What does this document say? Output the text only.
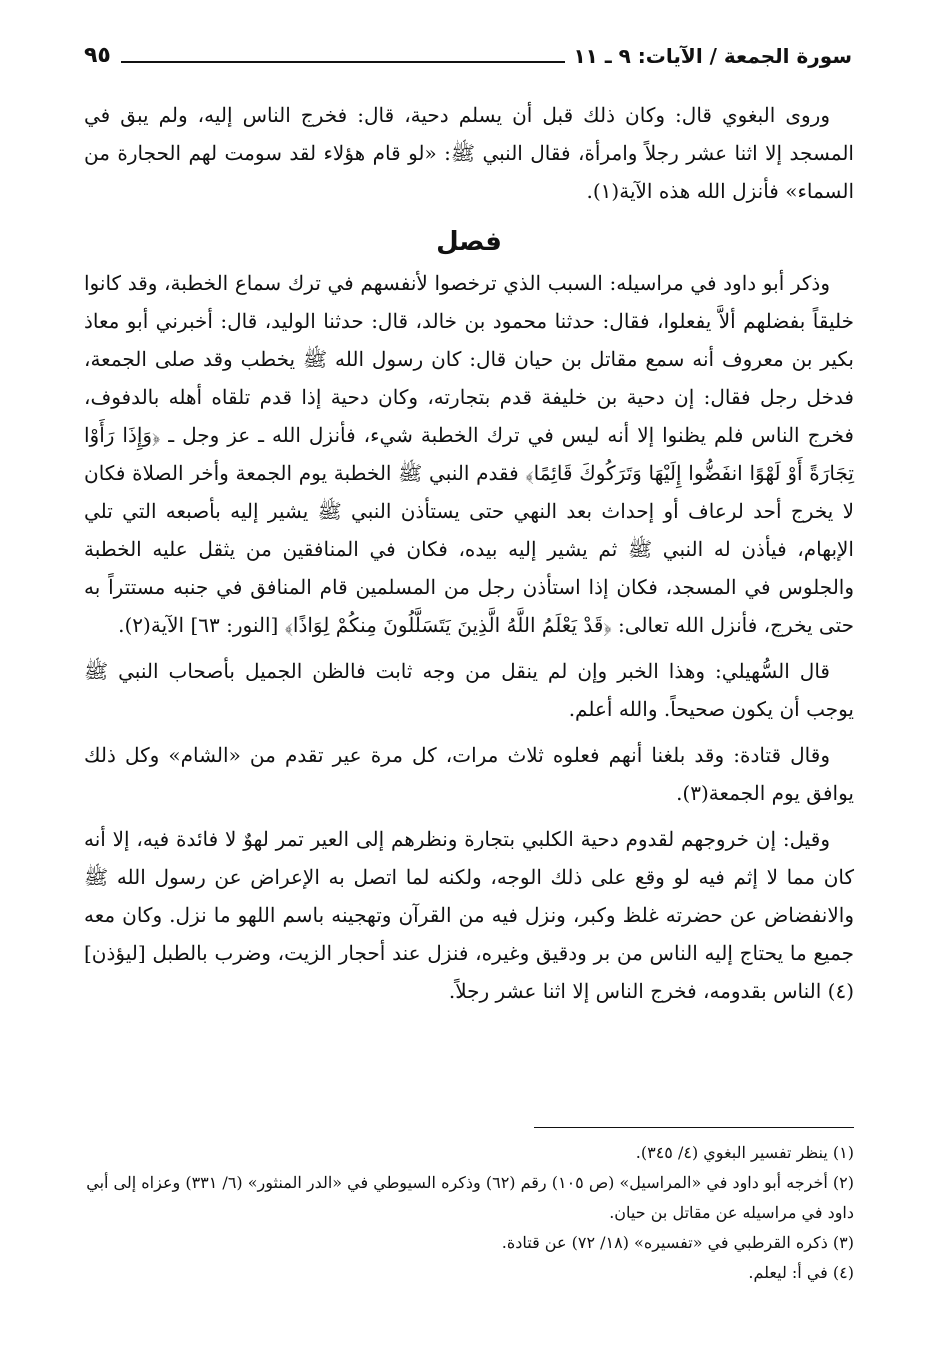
سورة الجمعة / الآيات: ٩ ـ ١١
٩٥

وروى البغوي قال: وكان ذلك قبل أن يسلم دحية، قال: فخرج الناس إليه، ولم يبق في المسجد إلا اثنا عشر رجلاً وامرأة، فقال النبي ﷺ: «لو قام هؤلاء لقد سومت لهم الحجارة من السماء» فأنزل الله هذه الآية(١).

فصل

وذكر أبو داود في مراسيله: السبب الذي ترخصوا لأنفسهم في ترك سماع الخطبة، وقد كانوا خليقاً بفضلهم ألاَّ يفعلوا، فقال: حدثنا محمود بن خالد، قال: حدثنا الوليد، قال: أخبرني أبو معاذ بكير بن معروف أنه سمع مقاتل بن حيان قال: كان رسول الله ﷺ يخطب وقد صلى الجمعة، فدخل رجل فقال: إن دحية بن خليفة قدم بتجارته، وكان دحية إذا قدم تلقاه أهله بالدفوف، فخرج الناس فلم يظنوا إلا أنه ليس في ترك الخطبة شيء، فأنزل الله ـ عز وجل ـ ﴿وَإِذَا رَأَوْا تِجَارَةً أَوْ لَهْوًا انفَضُّوا إِلَيْهَا وَتَرَكُوكَ قَائِمًا﴾ فقدم النبي ﷺ الخطبة يوم الجمعة وأخر الصلاة فكان لا يخرج أحد لرعاف أو إحداث بعد النهي حتى يستأذن النبي ﷺ يشير إليه بأصبعه التي تلي الإبهام، فيأذن له النبي ﷺ ثم يشير إليه بيده، فكان في المنافقين من يثقل عليه الخطبة والجلوس في المسجد، فكان إذا استأذن رجل من المسلمين قام المنافق في جنبه مستتراً به حتى يخرج، فأنزل الله تعالى: ﴿قَدْ يَعْلَمُ اللَّهُ الَّذِينَ يَتَسَلَّلُونَ مِنكُمْ لِوَاذًا﴾ [النور: ٦٣] الآية(٢).

قال السُّهيلي: وهذا الخبر وإن لم ينقل من وجه ثابت فالظن الجميل بأصحاب النبي ﷺ يوجب أن يكون صحيحاً. والله أعلم.

وقال قتادة: وقد بلغنا أنهم فعلوه ثلاث مرات، كل مرة عير تقدم من «الشام» وكل ذلك يوافق يوم الجمعة(٣).

وقيل: إن خروجهم لقدوم دحية الكلبي بتجارة ونظرهم إلى العير تمر لهوٌ لا فائدة فيه، إلا أنه كان مما لا إثم فيه لو وقع على ذلك الوجه، ولكنه لما اتصل به الإعراض عن رسول الله ﷺ والانفضاض عن حضرته غلظ وكبر، ونزل فيه من القرآن وتهجينه باسم اللهو ما نزل. وكان معه جميع ما يحتاج إليه الناس من بر ودقيق وغيره، فنزل عند أحجار الزيت، وضرب بالطبل [ليؤذن](٤) الناس بقدومه، فخرج الناس إلا اثنا عشر رجلاً.

(١) ينظر تفسير البغوي (٤/ ٣٤٥).

(٢) أخرجه أبو داود في «المراسيل» (ص ١٠٥) رقم (٦٢) وذكره السيوطي في «الدر المنثور» (٦/ ٣٣١) وعزاه إلى أبي داود في مراسيله عن مقاتل بن حيان.

(٣) ذكره القرطبي في «تفسيره» (١٨/ ٧٢) عن قتادة.

(٤) في أ: ليعلم.
